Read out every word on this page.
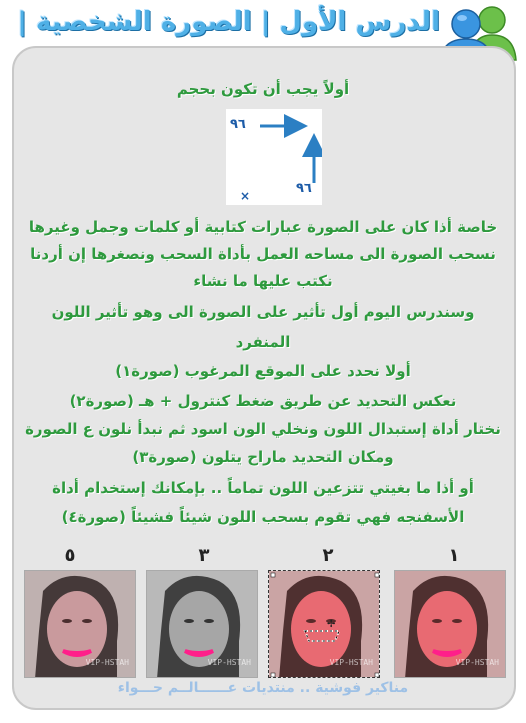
الدرس الأول | الصورة الشخصية |
أولاً يجب أن تكون بحجم
٩٦
٩٦
×
خاصة أذا كان على الصورة عبارات كتابية أو كلمات وجمل وغيرها
نسحب الصورة الى مساحه العمل بأداة السحب ونصغرها إن أردنا
نكتب عليها ما نشاء
وسندرس اليوم أول تأثير على الصورة الى وهو تأثير اللون
المنفرد
أولا نحدد على الموقع المرغوب (صورة١)
نعكس التحديد عن طريق ضغط كنترول + هـ (صورة٢)
نختار أداة إستبدال اللون ونخلي الون اسود ثم نبدأ نلون ع الصورة
ومكان التحديد ماراح يتلون (صورة٣)
أو أذا ما بغيتي تتزعين اللون تماماً .. بإمكانك إستخدام أداة
الأسفنجه فهي تقوم بسحب اللون شيئاً فشيئاً (صورة٤)
١
٢
٣
٥
VIP-HSTAH
✢
VIP-HSTAH
VIP-HSTAH
VIP-HSTAH
مناكير فوشية .. منتديات عــــــالــم حـــواء
